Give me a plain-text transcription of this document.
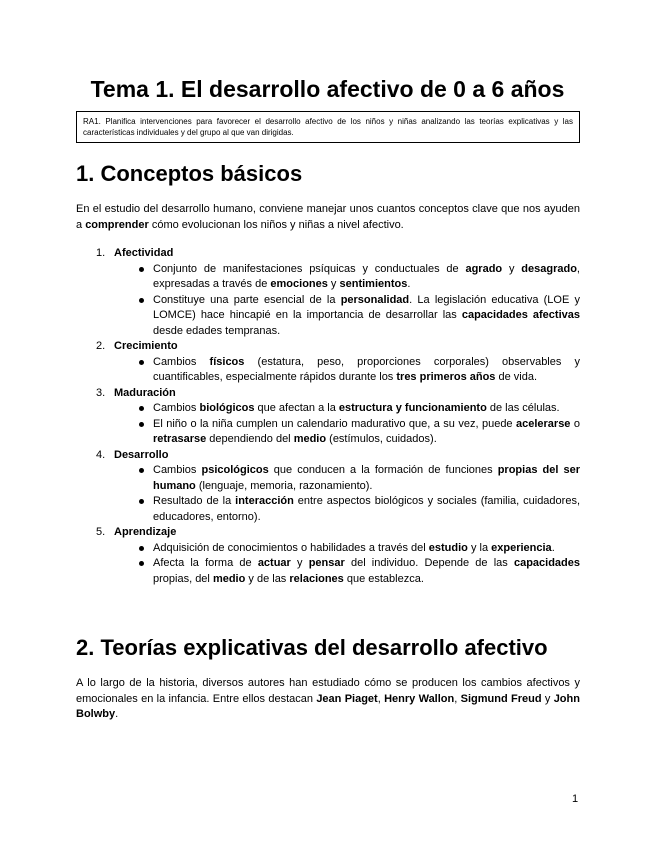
Tema 1. El desarrollo afectivo de 0 a 6 años
RA1. Planifica intervenciones para favorecer el desarrollo afectivo de los niños y niñas analizando las teorías explicativas y las características individuales y del grupo al que van dirigidas.
1. Conceptos básicos

En el estudio del desarrollo humano, conviene manejar unos cuantos conceptos clave que nos ayuden a comprender cómo evolucionan los niños y niñas a nivel afectivo.

1. Afectividad
Conjunto de manifestaciones psíquicas y conductuales de agrado y desagrado, expresadas a través de emociones y sentimientos.
Constituye una parte esencial de la personalidad. La legislación educativa (LOE y LOMCE) hace hincapié en la importancia de desarrollar las capacidades afectivas desde edades tempranas.
2. Crecimiento
Cambios físicos (estatura, peso, proporciones corporales) observables y cuantificables, especialmente rápidos durante los tres primeros años de vida.
3. Maduración
Cambios biológicos que afectan a la estructura y funcionamiento de las células.
El niño o la niña cumplen un calendario madurativo que, a su vez, puede acelerarse o retrasarse dependiendo del medio (estímulos, cuidados).
4. Desarrollo
Cambios psicológicos que conducen a la formación de funciones propias del ser humano (lenguaje, memoria, razonamiento).
Resultado de la interacción entre aspectos biológicos y sociales (familia, cuidadores, educadores, entorno).
5. Aprendizaje
Adquisición de conocimientos o habilidades a través del estudio y la experiencia.
Afecta la forma de actuar y pensar del individuo. Depende de las capacidades propias, del medio y de las relaciones que establezca.
2. Teorías explicativas del desarrollo afectivo

A lo largo de la historia, diversos autores han estudiado cómo se producen los cambios afectivos y emocionales en la infancia. Entre ellos destacan Jean Piaget, Henry Wallon, Sigmund Freud y John Bolwby.

1
